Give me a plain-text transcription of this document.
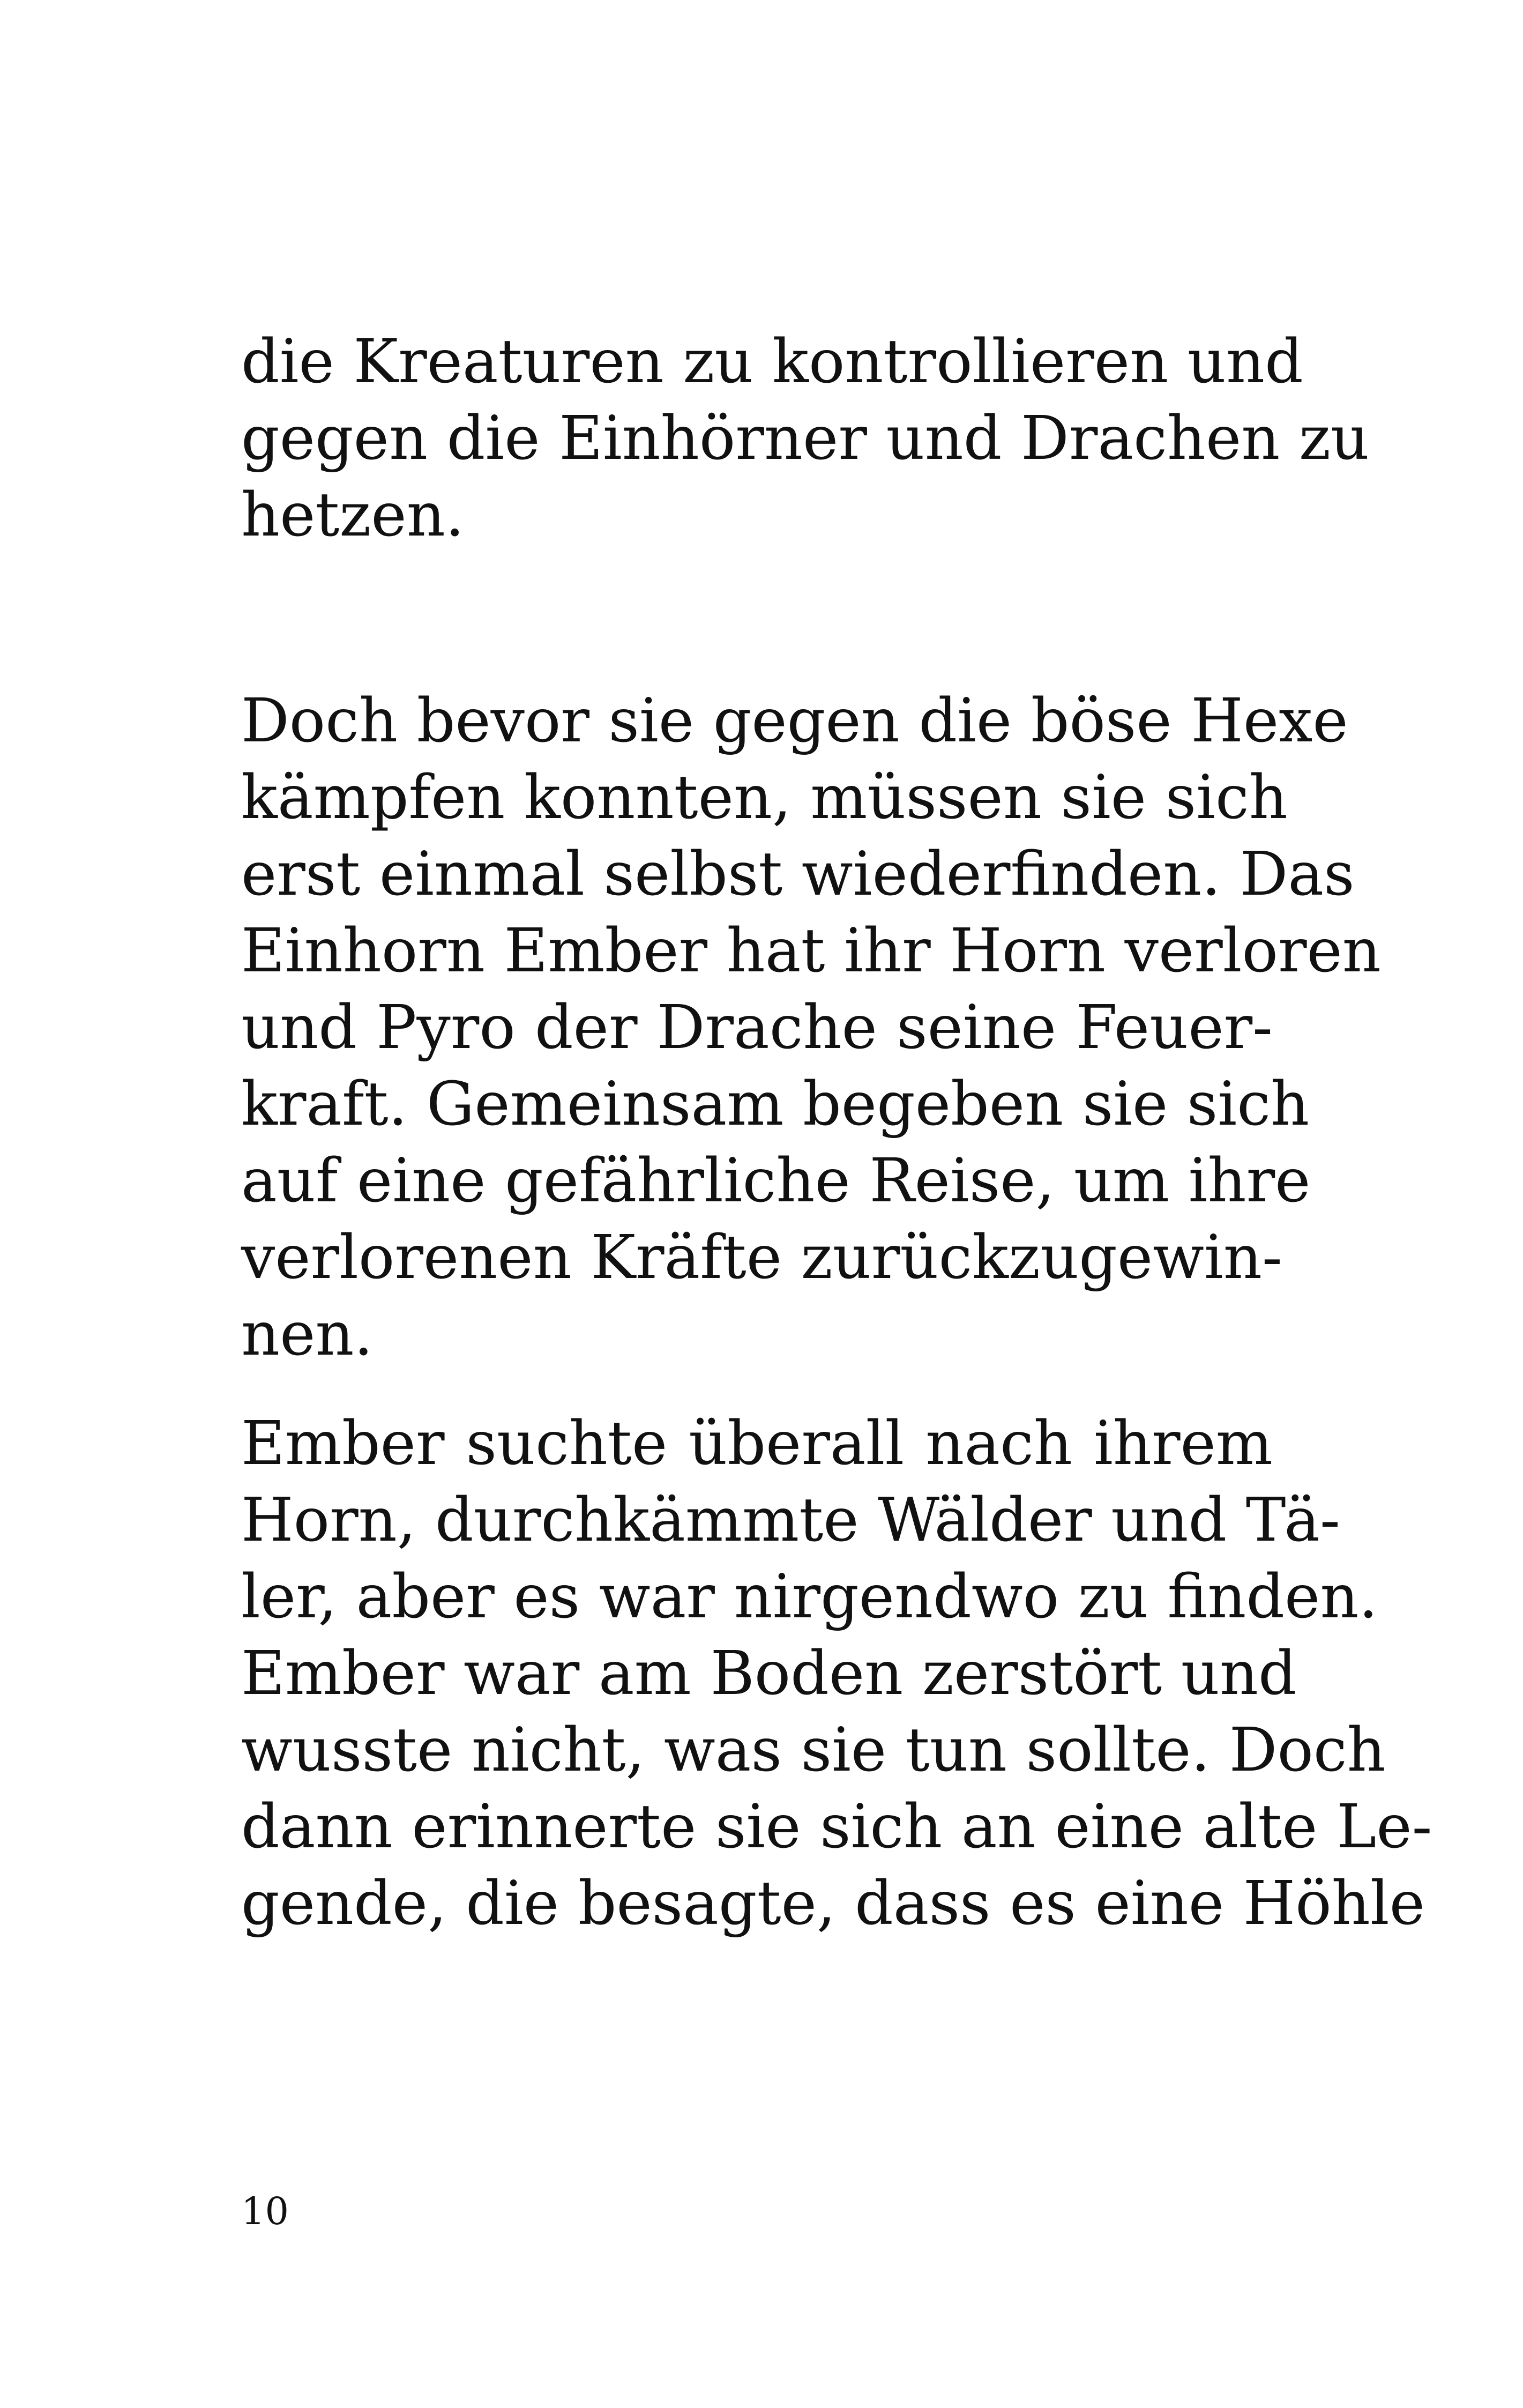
die Kreaturen zu kontrollieren und
gegen die Einhörner und Drachen zu
hetzen.
Doch bevor sie gegen die böse Hexe
kämpfen konnten, müssen sie sich
erst einmal selbst wiederfinden. Das
Einhorn Ember hat ihr Horn verloren
und Pyro der Drache seine Feuer-
kraft. Gemeinsam begeben sie sich
auf eine gefährliche Reise, um ihre
verlorenen Kräfte zurückzugewin-
nen.
Ember suchte überall nach ihrem
Horn, durchkämmte Wälder und Tä-
ler, aber es war nirgendwo zu finden.
Ember war am Boden zerstört und
wusste nicht, was sie tun sollte. Doch
dann erinnerte sie sich an eine alte Le-
gende, die besagte, dass es eine Höhle
10
